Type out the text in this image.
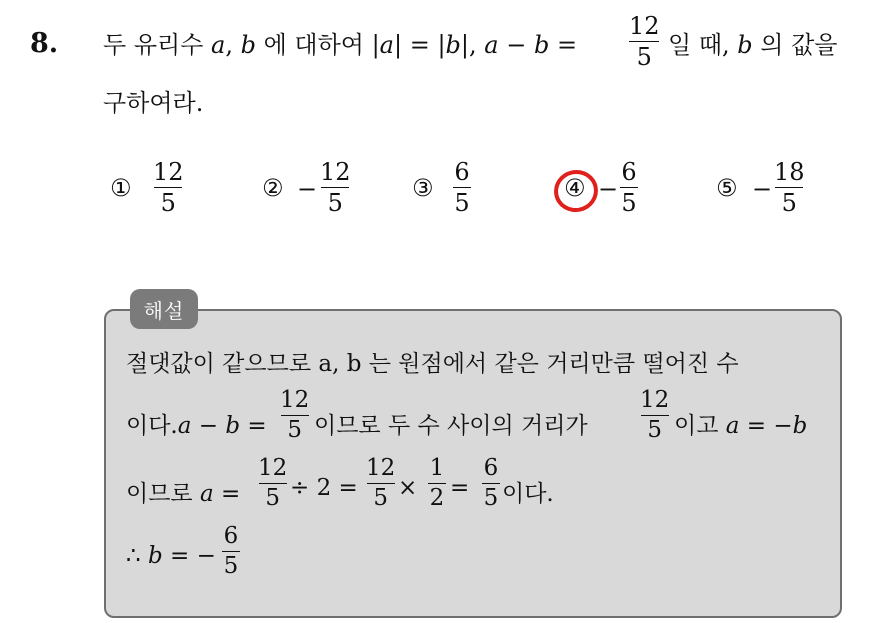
8. 두 유리수 a, b 에 대하여 |a| = |b|, a − b =
12
5 일 때, b 의 값을
구하여라.
①
12
5
② −
12
5
③
6
5
④ −
6
5
⑤ −
18
5
해설
절댓값이 같으므로 a, b 는 원점에서 같은 거리만큼 떨어진 수
이다.a − b =
12
5 이므로 두 수 사이의 거리가
12
5 이고 a = −b
이므로 a =
12
5 ÷ 2 =
12
5 ×
1
2 =
6
5 이다.
∴ b = −
6
5
